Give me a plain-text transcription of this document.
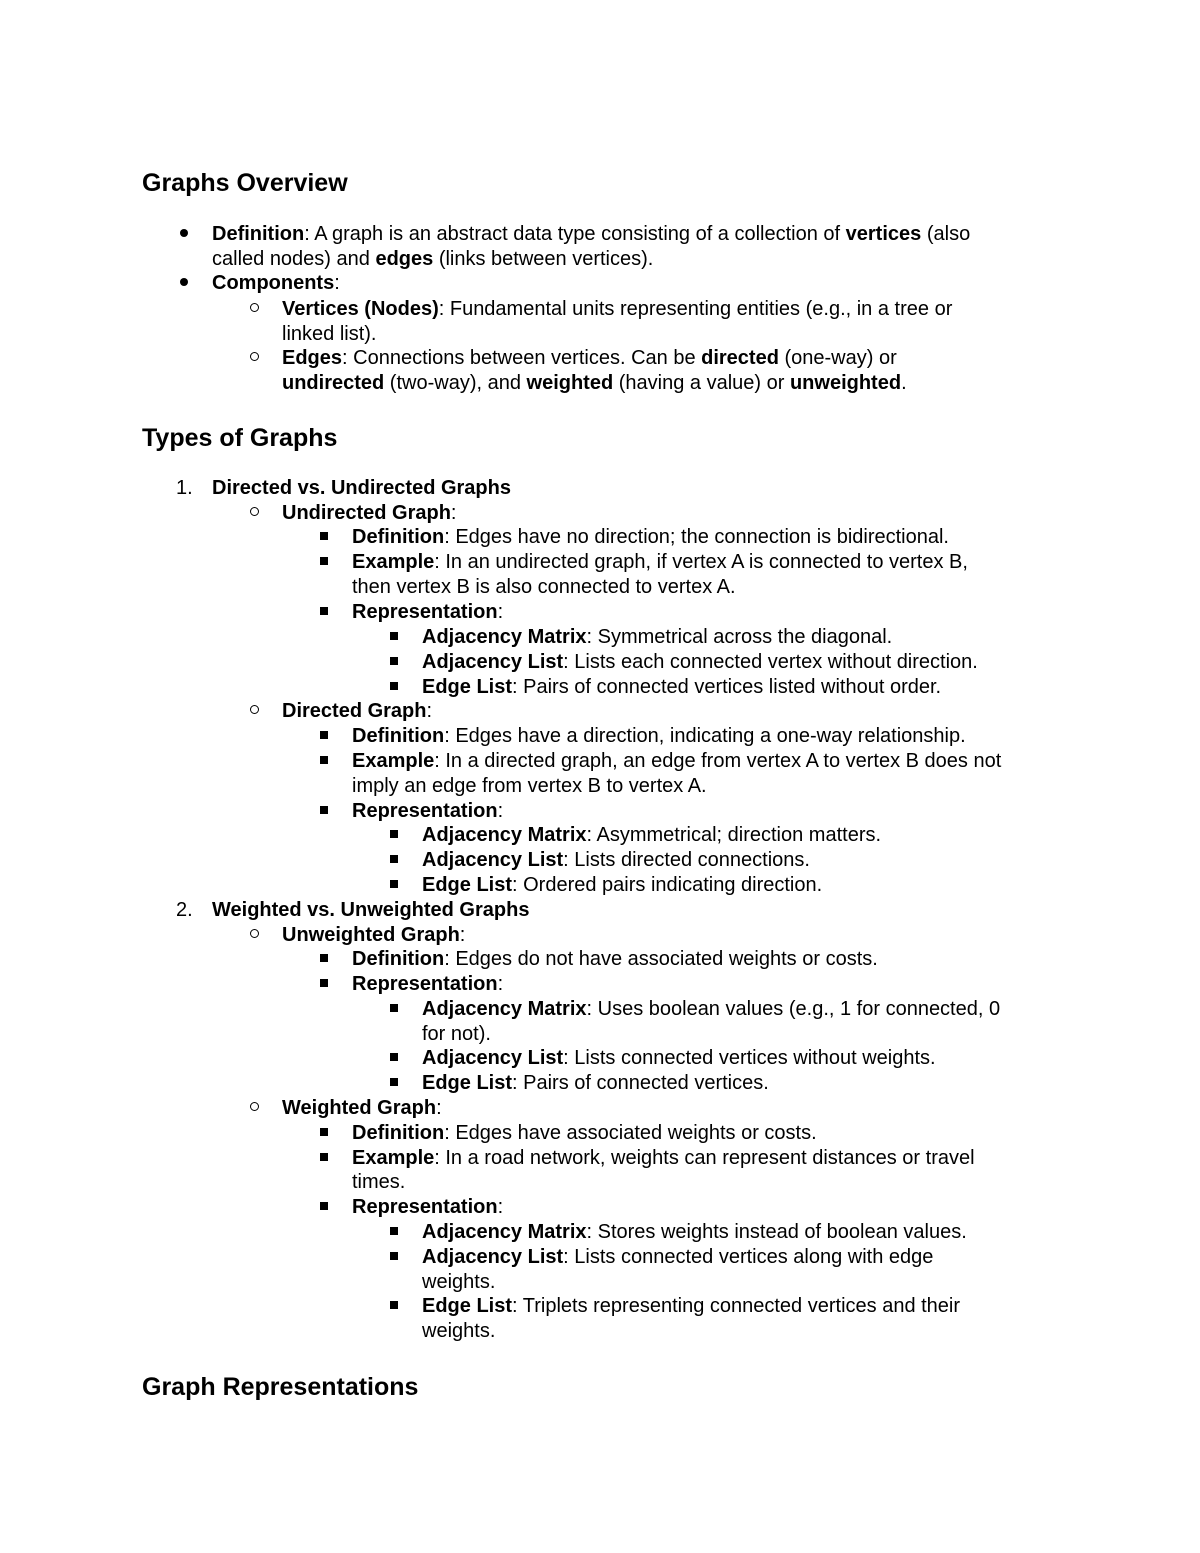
Graphs Overview
Definition: A graph is an abstract data type consisting of a collection of vertices (also
called nodes) and edges (links between vertices).
Components:
Vertices (Nodes): Fundamental units representing entities (e.g., in a tree or
linked list).
Edges: Connections between vertices. Can be directed (one-way) or
undirected (two-way), and weighted (having a value) or unweighted.
Types of Graphs
1. Directed vs. Undirected Graphs
Undirected Graph:
Definition: Edges have no direction; the connection is bidirectional.
Example: In an undirected graph, if vertex A is connected to vertex B,
then vertex B is also connected to vertex A.
Representation:
Adjacency Matrix: Symmetrical across the diagonal.
Adjacency List: Lists each connected vertex without direction.
Edge List: Pairs of connected vertices listed without order.
Directed Graph:
Definition: Edges have a direction, indicating a one-way relationship.
Example: In a directed graph, an edge from vertex A to vertex B does not
imply an edge from vertex B to vertex A.
Representation:
Adjacency Matrix: Asymmetrical; direction matters.
Adjacency List: Lists directed connections.
Edge List: Ordered pairs indicating direction.
2. Weighted vs. Unweighted Graphs
Unweighted Graph:
Definition: Edges do not have associated weights or costs.
Representation:
Adjacency Matrix: Uses boolean values (e.g., 1 for connected, 0
for not).
Adjacency List: Lists connected vertices without weights.
Edge List: Pairs of connected vertices.
Weighted Graph:
Definition: Edges have associated weights or costs.
Example: In a road network, weights can represent distances or travel
times.
Representation:
Adjacency Matrix: Stores weights instead of boolean values.
Adjacency List: Lists connected vertices along with edge
weights.
Edge List: Triplets representing connected vertices and their
weights.
Graph Representations
